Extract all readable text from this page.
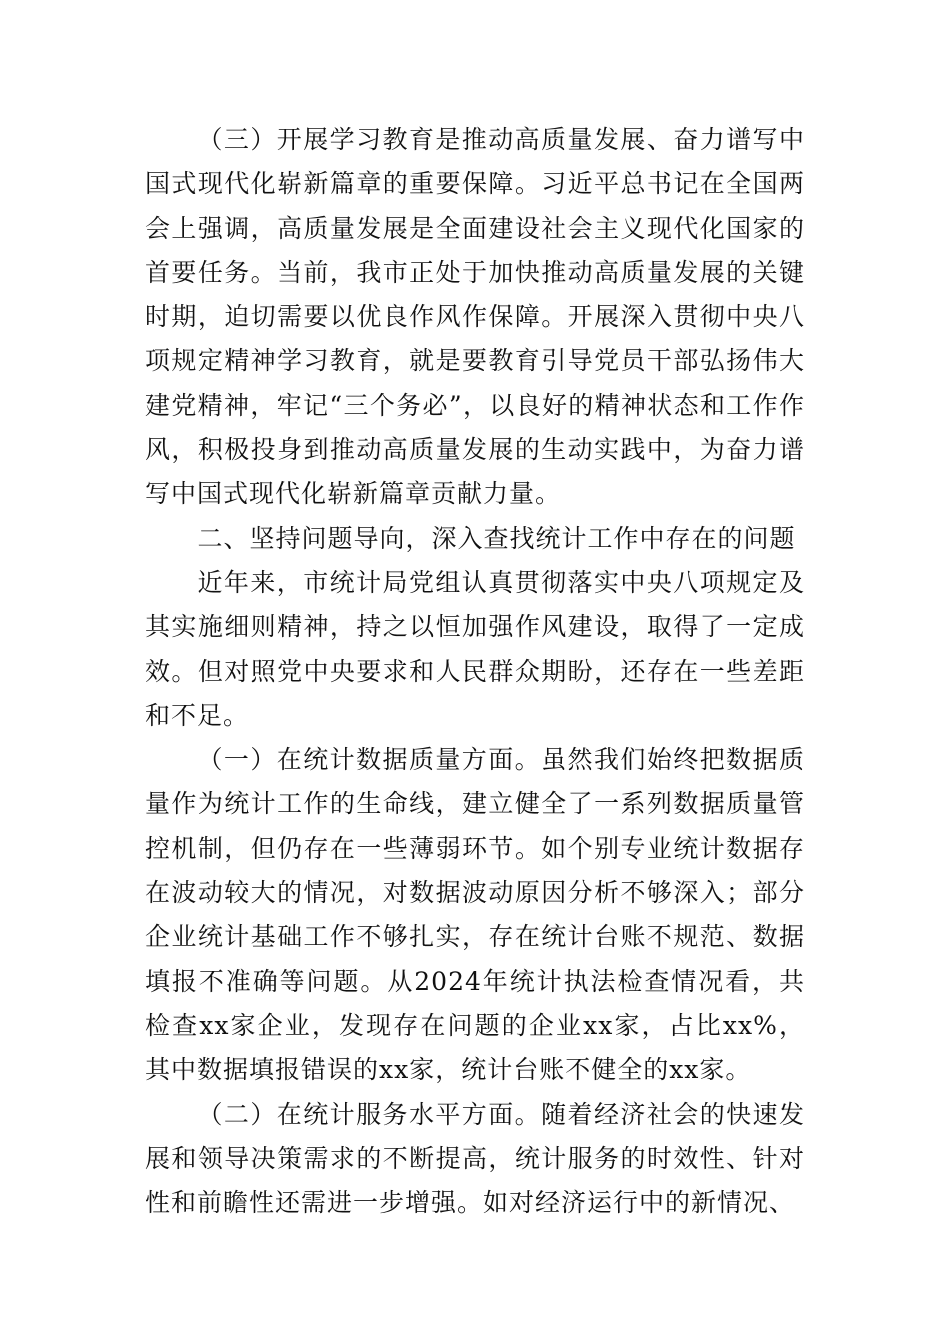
（三）开展学习教育是推动高质量发展、奋力谱写中国式现代化崭新篇章的重要保障。习近平总书记在全国两会上强调，高质量发展是全面建设社会主义现代化国家的首要任务。当前，我市正处于加快推动高质量发展的关键时期，迫切需要以优良作风作保障。开展深入贯彻中央八项规定精神学习教育，就是要教育引导党员干部弘扬伟大建党精神，牢记“三个务必”，以良好的精神状态和工作作风，积极投身到推动高质量发展的生动实践中，为奋力谱写中国式现代化崭新篇章贡献力量。

二、坚持问题导向，深入查找统计工作中存在的问题

近年来，市统计局党组认真贯彻落实中央八项规定及其实施细则精神，持之以恒加强作风建设，取得了一定成效。但对照党中央要求和人民群众期盼，还存在一些差距和不足。

（一）在统计数据质量方面。虽然我们始终把数据质量作为统计工作的生命线，建立健全了一系列数据质量管控机制，但仍存在一些薄弱环节。如个别专业统计数据存在波动较大的情况，对数据波动原因分析不够深入；部分企业统计基础工作不够扎实，存在统计台账不规范、数据填报不准确等问题。从2024年统计执法检查情况看，共检查xx家企业，发现存在问题的企业xx家，占比xx%，其中数据填报错误的xx家，统计台账不健全的xx家。

（二）在统计服务水平方面。随着经济社会的快速发展和领导决策需求的不断提高，统计服务的时效性、针对性和前瞻性还需进一步增强。如对经济运行中的新情况、
